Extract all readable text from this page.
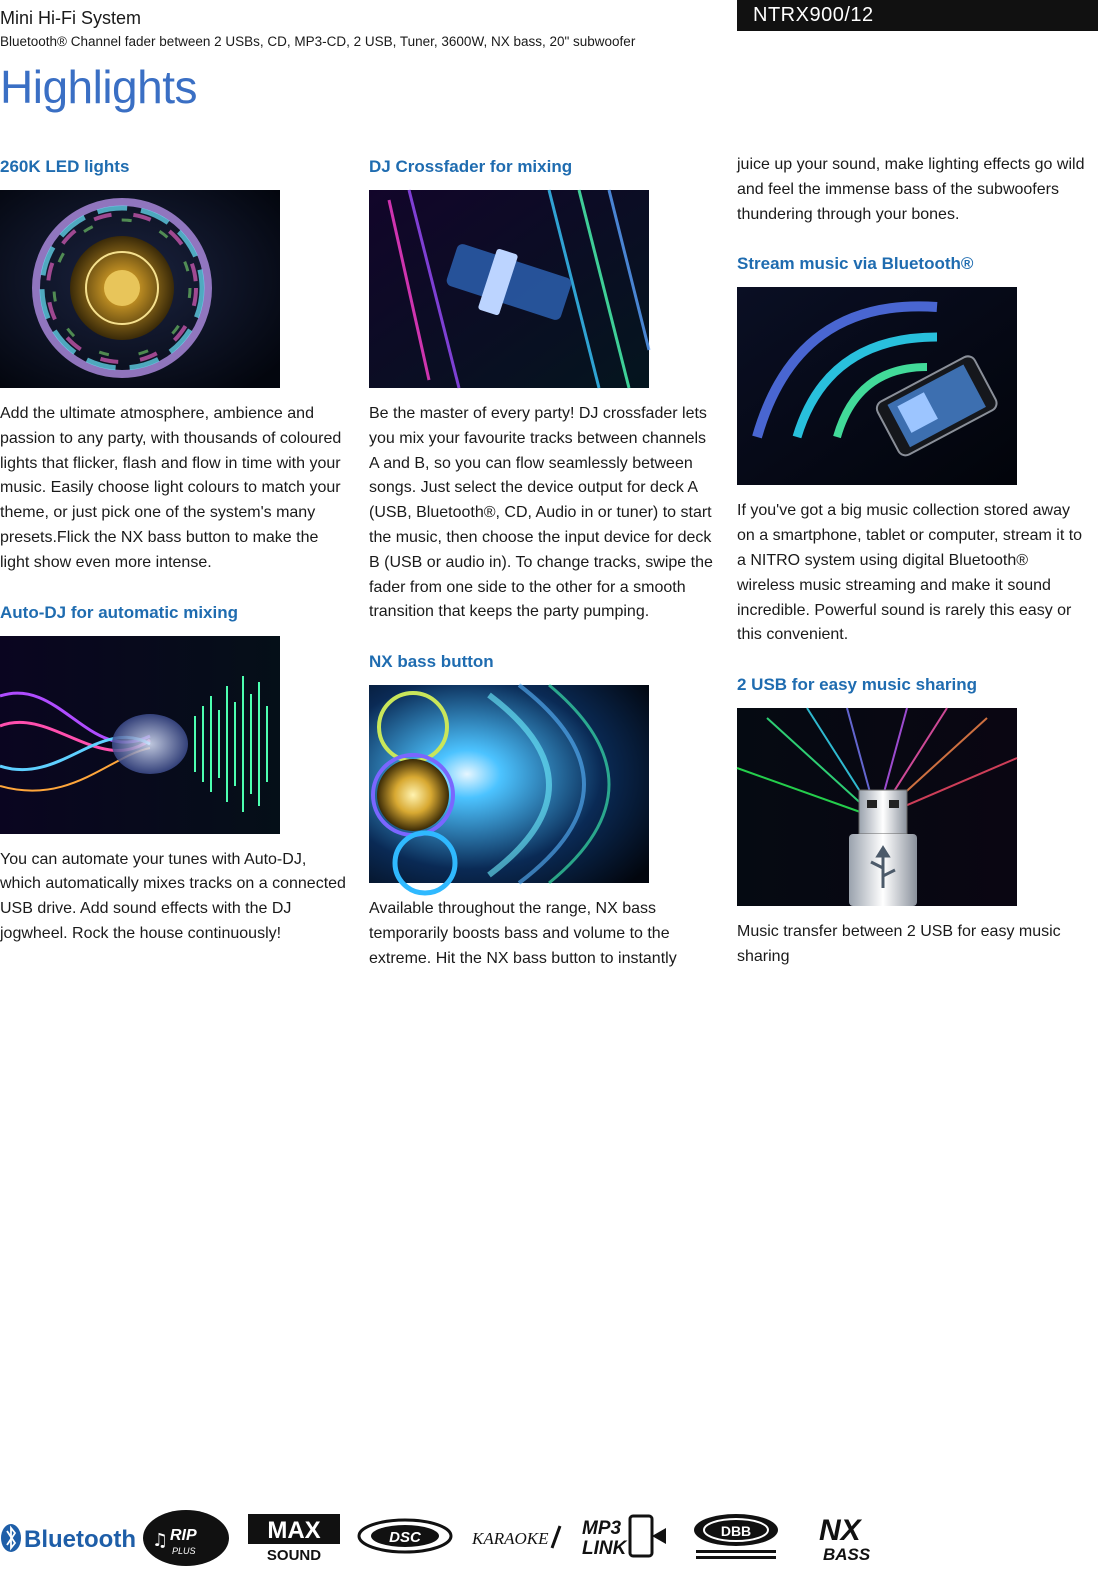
Mini Hi-Fi System
Bluetooth® Channel fader between 2 USBs, CD, MP3-CD, 2 USB, Tuner, 3600W, NX bass, 20" subwoofer
NTRX900/12
Highlights
260K LED lights

Add the ultimate atmosphere, ambience and passion to any party, with thousands of coloured lights that flicker, flash and flow in time with your music. Easily choose light colours to match your theme, or just pick one of the system's many presets.Flick the NX bass button to make the light show even more intense.

Auto-DJ for automatic mixing

You can automate your tunes with Auto-DJ, which automatically mixes tracks on a connected USB drive. Add sound effects with the DJ jogwheel. Rock the house continuously!

DJ Crossfader for mixing

Be the master of every party! DJ crossfader lets you mix your favourite tracks between channels A and B, so you can flow seamlessly between songs. Just select the device output for deck A (USB, Bluetooth®, CD, Audio in or tuner) to start the music, then choose the input device for deck B (USB or audio in). To change tracks, swipe the fader from one side to the other for a smooth transition that keeps the party pumping.

NX bass button

Available throughout the range, NX bass temporarily boosts bass and volume to the extreme. Hit the NX bass button to instantly

juice up your sound, make lighting effects go wild and feel the immense bass of the subwoofers thundering through your bones.

Stream music via Bluetooth®

If you've got a big music collection stored away on a smartphone, tablet or computer, stream it to a NITRO system using digital Bluetooth® wireless music streaming and make it sound incredible. Powerful sound is rarely this easy or this convenient.

2 USB for easy music sharing

Music transfer between 2 USB for easy music sharing

Bluetooth RIP
PLUS
♫	MAX
SOUND
DSC	KARAOKE MP3
LINK
DBB NX
BASS
